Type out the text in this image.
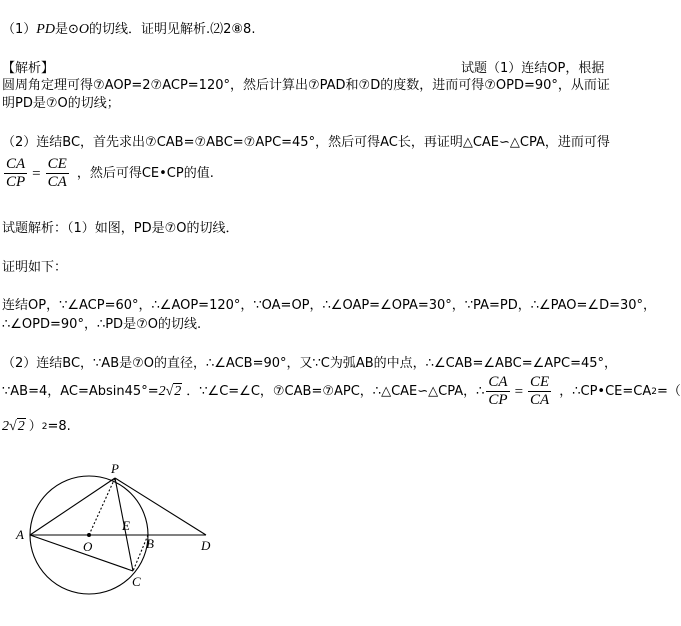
（1）PD是⊙O的切线．证明见解析.⑵2⑧8.
【解析】	试题（1）连结OP，根据
圆周角定理可得⑦AOP=2⑦ACP=120°，然后计算出⑦PAD和⑦D的度数，进而可得⑦OPD=90°，从而证
明PD是⑦O的切线；
（2）连结BC，首先求出⑦CAB=⑦ABC=⑦APC=45°，然后可得AC长，再证明△CAE∽△CPA，进而可得
$\frac{CA}{CP} = \frac{CE}{CA}$ ，然后可得CE•CP的值.
试题解析：（1）如图，PD是⑦O的切线．
证明如下：
连结OP，∵∠ACP=60°，∴∠AOP=120°，∵OA=OP，∴∠OAP=∠OPA=30°，∵PA=PD，∴∠PAO=∠D=30°，
∴∠OPD=90°，∴PD是⑦O的切线.
（2）连结BC，∵AB是⑦O的直径，∴∠ACB=90°，又∵C为弧AB的中点，∴∠CAB=∠ABC=∠APC=45°，
∵AB=4，AC=Absin45°= 2√2 ．∵∠C=∠C，⑦CAB=⑦APC，∴△CAE∽△CPA，∴ $\frac{CA}{CP} = \frac{CE}{CA}$ ，∴CP•CE=CA 2 =（
2√2 ） 2 =8.
P
A
O
E
B	D
C
